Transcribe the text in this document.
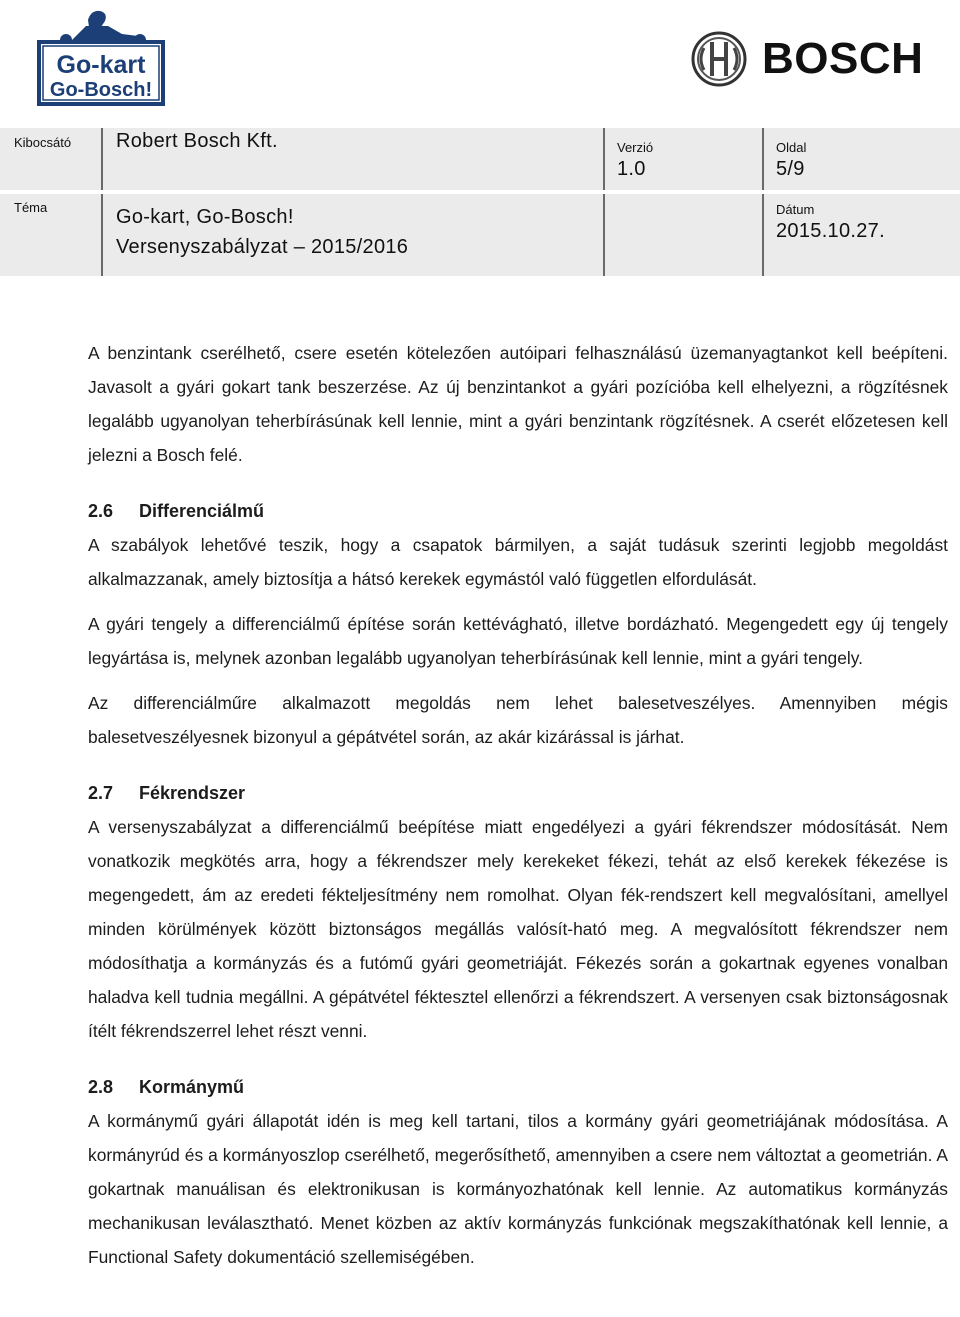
Go-kart
Go-Bosch!
BOSCH
Kibocsátó Robert Bosch Kft.	Verzió
1.0
Oldal
5/9
Téma	Go-kart, Go-Bosch!
Versenyszabályzat – 2015/2016
Dátum
2015.10.27.

A benzintank cserélhető, csere esetén kötelezően autóipari felhasználású üzemanyagtankot kell beépíteni. Javasolt a gyári gokart tank beszerzése. Az új benzintankot a gyári pozícióba kell elhelyezni, a rögzítésnek legalább ugyanolyan teherbírásúnak kell lennie, mint a gyári benzintank rögzítésnek. A cserét előzetesen kell jelezni a Bosch felé.

2.6 Differenciálmű

A szabályok lehetővé teszik, hogy a csapatok bármilyen, a saját tudásuk szerinti legjobb megoldást alkalmazzanak, amely biztosítja a hátsó kerekek egymástól való független elfordulását.

A gyári tengely a differenciálmű építése során kettévágható, illetve bordázható. Megengedett egy új tengely legyártása is, melynek azonban legalább ugyanolyan teherbírásúnak kell lennie, mint a gyári tengely.

Az differenciálműre alkalmazott megoldás nem lehet balesetveszélyes. Amennyiben mégis balesetveszélyesnek bizonyul a gépátvétel során, az akár kizárással is járhat.

2.7 Fékrendszer

A versenyszabályzat a differenciálmű beépítése miatt engedélyezi a gyári fékrendszer módosítását. Nem vonatkozik megkötés arra, hogy a fékrendszer mely kerekeket fékezi, tehát az első kerekek fékezése is megengedett, ám az eredeti fékteljesítmény nem romolhat. Olyan fék-rendszert kell megvalósítani, amellyel minden körülmények között biztonságos megállás valósít-ható meg. A megvalósított fékrendszer nem módosíthatja a kormányzás és a futómű gyári geometriáját. Fékezés során a gokartnak egyenes vonalban haladva kell tudnia megállni. A gépátvétel féktesztel ellenőrzi a fékrendszert. A versenyen csak biztonságosnak ítélt fékrendszerrel lehet részt venni.

2.8 Kormánymű

A kormánymű gyári állapotát idén is meg kell tartani, tilos a kormány gyári geometriájának módosítása. A kormányrúd és a kormányoszlop cserélhető, megerősíthető, amennyiben a csere nem változtat a geometrián. A gokartnak manuálisan és elektronikusan is kormányozhatónak kell lennie. Az automatikus kormányzás mechanikusan leválasztható. Menet közben az aktív kormányzás funkciónak megszakíthatónak kell lennie, a Functional Safety dokumentáció szellemiségében.
